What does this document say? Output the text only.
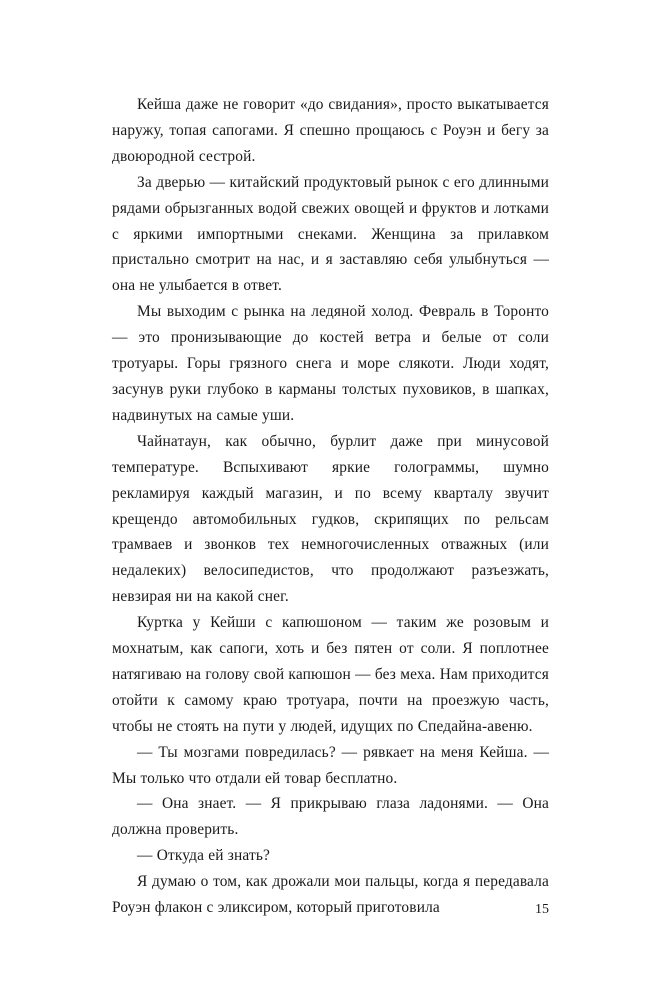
Кейша даже не говорит «до свидания», просто выкатывается наружу, топая сапогами. Я спешно прощаюсь с Роуэн и бегу за двоюродной сестрой.

За дверью — китайский продуктовый рынок с его длинными рядами обрызганных водой свежих овощей и фруктов и лотками с яркими импортными снеками. Женщина за прилавком пристально смотрит на нас, и я заставляю себя улыбнуться — она не улыбается в ответ.

Мы выходим с рынка на ледяной холод. Февраль в Торонто — это пронизывающие до костей ветра и белые от соли тротуары. Горы грязного снега и море слякоти. Люди ходят, засунув руки глубоко в карманы толстых пуховиков, в шапках, надвинутых на самые уши.

Чайнатаун, как обычно, бурлит даже при минусовой температуре. Вспыхивают яркие голограммы, шумно рекламируя каждый магазин, и по всему кварталу звучит крещендо автомобильных гудков, скрипящих по рельсам трамваев и звонков тех немногочисленных отважных (или недалеких) велосипедистов, что продолжают разъезжать, невзирая ни на какой снег.

Куртка у Кейши с капюшоном — таким же розовым и мохнатым, как сапоги, хоть и без пятен от соли. Я поплотнее натягиваю на голову свой капюшон — без меха. Нам приходится отойти к самому краю тротуара, почти на проезжую часть, чтобы не стоять на пути у людей, идущих по Спедайна-авеню.

— Ты мозгами повредилась? — рявкает на меня Кейша. — Мы только что отдали ей товар бесплатно.

— Она знает. — Я прикрываю глаза ладонями. — Она должна проверить.

— Откуда ей знать?

Я думаю о том, как дрожали мои пальцы, когда я передавала Роуэн флакон с эликсиром, который приготовила	15
